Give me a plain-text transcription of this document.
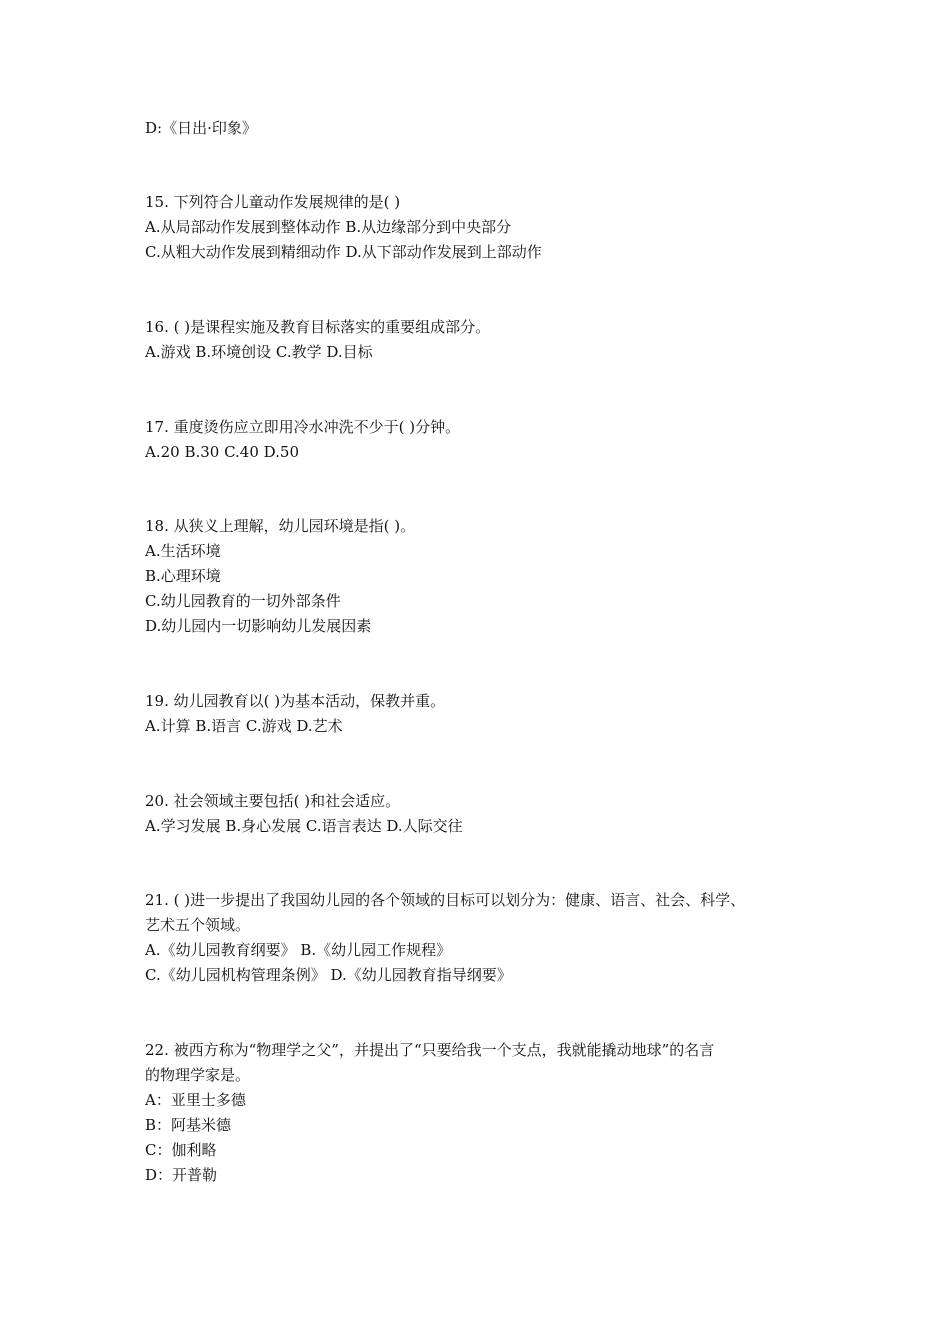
D:《日出·印象》
15. 下列符合儿童动作发展规律的是( )
A.从局部动作发展到整体动作 B.从边缘部分到中央部分
C.从粗大动作发展到精细动作 D.从下部动作发展到上部动作
16. ( )是课程实施及教育目标落实的重要组成部分。
A.游戏 B.环境创设 C.教学 D.目标
17. 重度烫伤应立即用冷水冲洗不少于( )分钟。
A.20 B.30 C.40 D.50
18. 从狭义上理解，幼儿园环境是指( )。
A.生活环境
B.心理环境
C.幼儿园教育的一切外部条件
D.幼儿园内一切影响幼儿发展因素
19. 幼儿园教育以( )为基本活动，保教并重。
A.计算 B.语言 C.游戏 D.艺术
20. 社会领域主要包括( )和社会适应。
A.学习发展 B.身心发展 C.语言表达 D.人际交往
21. ( )进一步提出了我国幼儿园的各个领域的目标可以划分为：健康、语言、社会、科学、
艺术五个领域。
A.《幼儿园教育纲要》 B.《幼儿园工作规程》
C.《幼儿园机构管理条例》 D.《幼儿园教育指导纲要》
22. 被西方称为“物理学之父”，并提出了“只要给我一个支点，我就能撬动地球”的名言
的物理学家是。
A：亚里士多德
B：阿基米德
C：伽利略
D：开普勒
